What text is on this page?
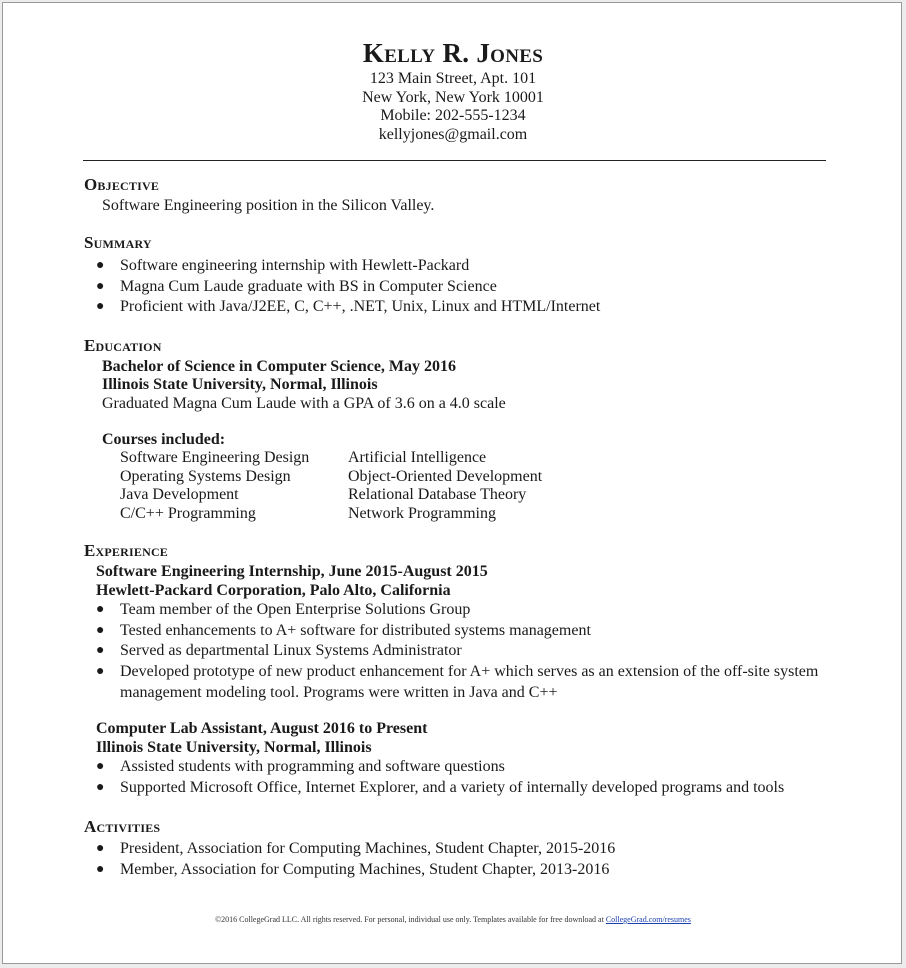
Kelly R. Jones
123 Main Street, Apt. 101
New York, New York 10001
Mobile: 202-555-1234
kellyjones@gmail.com
Objective
Software Engineering position in the Silicon Valley.
Summary
● Software engineering internship with Hewlett-Packard
● Magna Cum Laude graduate with BS in Computer Science
● Proficient with Java/J2EE, C, C++, .NET, Unix, Linux and HTML/Internet
Education
Bachelor of Science in Computer Science, May 2016
Illinois State University, Normal, Illinois
Graduated Magna Cum Laude with a GPA of 3.6 on a 4.0 scale
Courses included:
Software Engineering Design
Operating Systems Design
Java Development
C/C++ Programming
Artificial Intelligence
Object-Oriented Development
Relational Database Theory
Network Programming
Experience
Software Engineering Internship, June 2015-August 2015
Hewlett-Packard Corporation, Palo Alto, California
● Team member of the Open Enterprise Solutions Group
● Tested enhancements to A+ software for distributed systems management
● Served as departmental Linux Systems Administrator
● Developed prototype of new product enhancement for A+ which serves as an extension of the off-site system management modeling tool. Programs were written in Java and C++
Computer Lab Assistant, August 2016 to Present
Illinois State University, Normal, Illinois
● Assisted students with programming and software questions
● Supported Microsoft Office, Internet Explorer, and a variety of internally developed programs and tools
Activities
● President, Association for Computing Machines, Student Chapter, 2015-2016
● Member, Association for Computing Machines, Student Chapter, 2013-2016
©2016 CollegeGrad LLC. All rights reserved. For personal, individual use only. Templates available for free download at CollegeGrad.com/resumes
